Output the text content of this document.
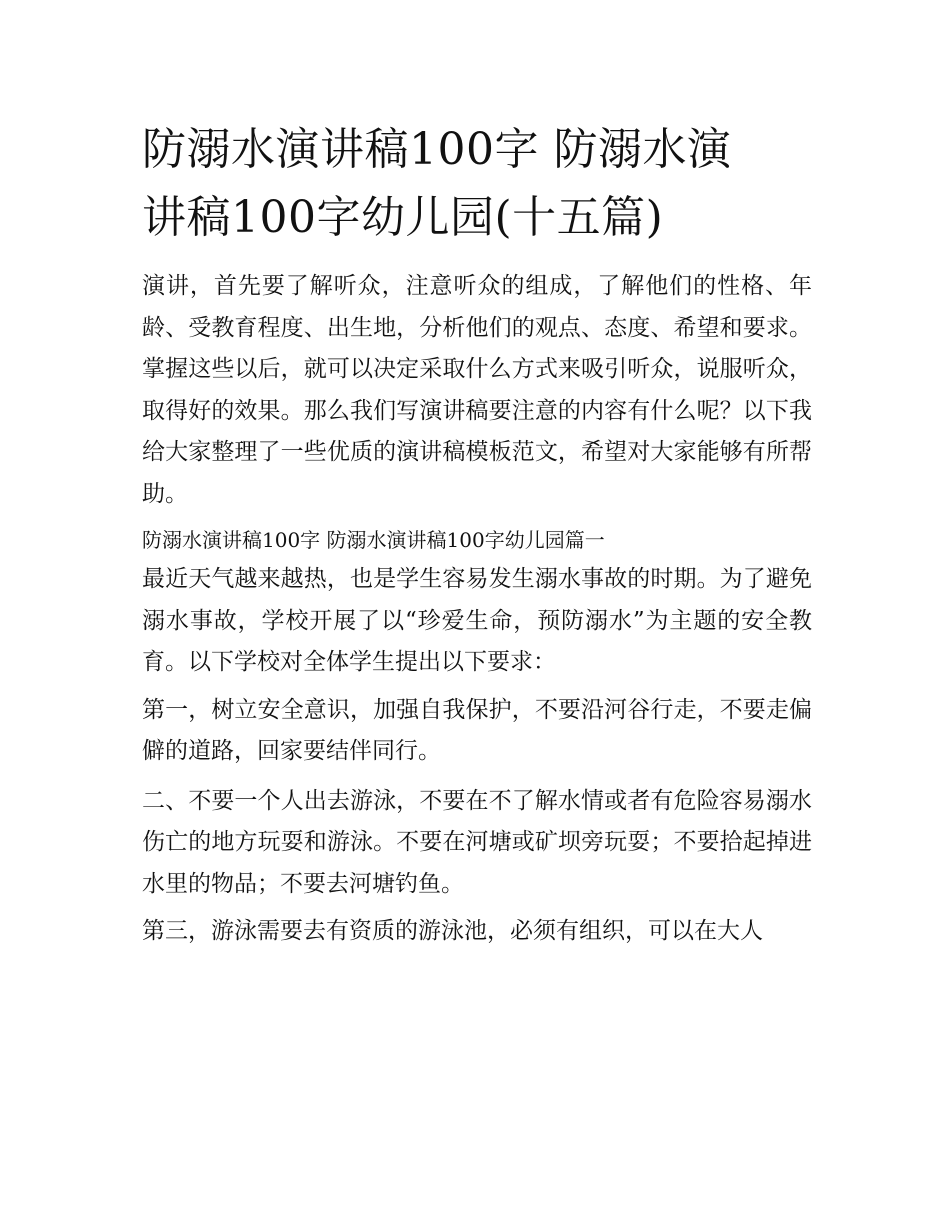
防溺水演讲稿100字 防溺水演
讲稿100字幼儿园(十五篇)

演讲，首先要了解听众，注意听众的组成，了解他们的性格、年龄、受教育程度、出生地，分析他们的观点、态度、希望和要求。掌握这些以后，就可以决定采取什么方式来吸引听众，说服听众，取得好的效果。那么我们写演讲稿要注意的内容有什么呢？以下我给大家整理了一些优质的演讲稿模板范文，希望对大家能够有所帮助。

防溺水演讲稿100字 防溺水演讲稿100字幼儿园篇一

最近天气越来越热，也是学生容易发生溺水事故的时期。为了避免溺水事故，学校开展了以“珍爱生命，预防溺水”为主题的安全教育。以下学校对全体学生提出以下要求：

第一，树立安全意识，加强自我保护，不要沿河谷行走，不要走偏僻的道路，回家要结伴同行。

二、不要一个人出去游泳，不要在不了解水情或者有危险容易溺水伤亡的地方玩耍和游泳。不要在河塘或矿坝旁玩耍；不要拾起掉进水里的物品；不要去河塘钓鱼。

第三，游泳需要去有资质的游泳池，必须有组织，可以在大人
